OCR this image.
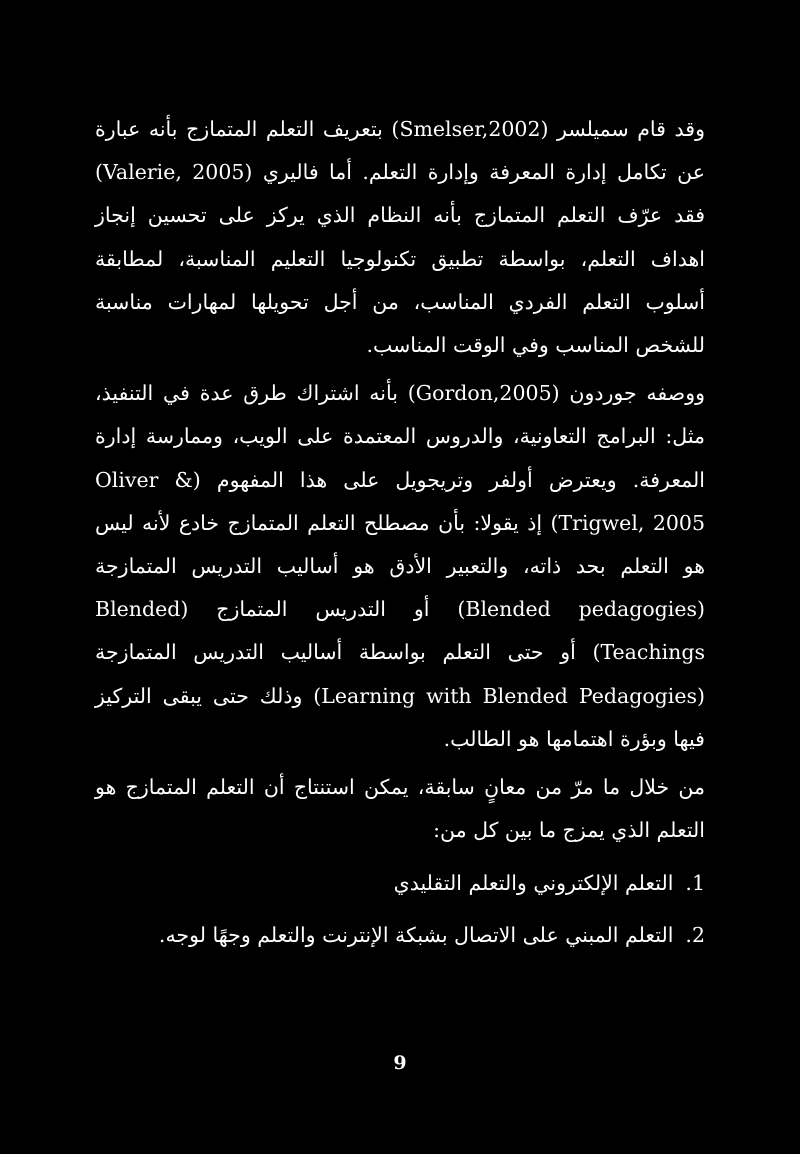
وقد قام سميلسر (Smelser,2002) بتعريف التعلم المتمازج بأنه عبارة عن تكامل إدارة المعرفة وإدارة التعلم. أما فاليري (Valerie, 2005) فقد عرّف التعلم المتمازج بأنه النظام الذي يركز على تحسين إنجاز اهداف التعلم، بواسطة تطبيق تكنولوجيا التعليم المناسبة، لمطابقة أسلوب التعلم الفردي المناسب، من أجل تحويلها لمهارات مناسبة للشخص المناسب وفي الوقت المناسب.

ووصفه جوردون (Gordon,2005) بأنه اشتراك طرق عدة في التنفيذ، مثل: البرامج التعاونية، والدروس المعتمدة على الويب، وممارسة إدارة المعرفة. ويعترض أولفر وتريجويل على هذا المفهوم (Oliver & Trigwel, 2005) إذ يقولا: بأن مصطلح التعلم المتمازج خادع لأنه ليس هو التعلم بحد ذاته، والتعبير الأدق هو أساليب التدريس المتمازجة (Blended pedagogies) أو التدريس المتمازج (Blended Teachings) أو حتى التعلم بواسطة أساليب التدريس المتمازجة (Learning with Blended Pedagogies) وذلك حتى يبقى التركيز فيها وبؤرة اهتمامها هو الطالب.

من خلال ما مرّ من معانٍ سابقة، يمكن استنتاج أن التعلم المتمازج هو التعلم الذي يمزج ما بين كل من:

1.
التعلم الإلكتروني والتعلم التقليدي
2.
التعلم المبني على الاتصال بشبكة الإنترنت والتعلم وجهًا لوجه.
9
